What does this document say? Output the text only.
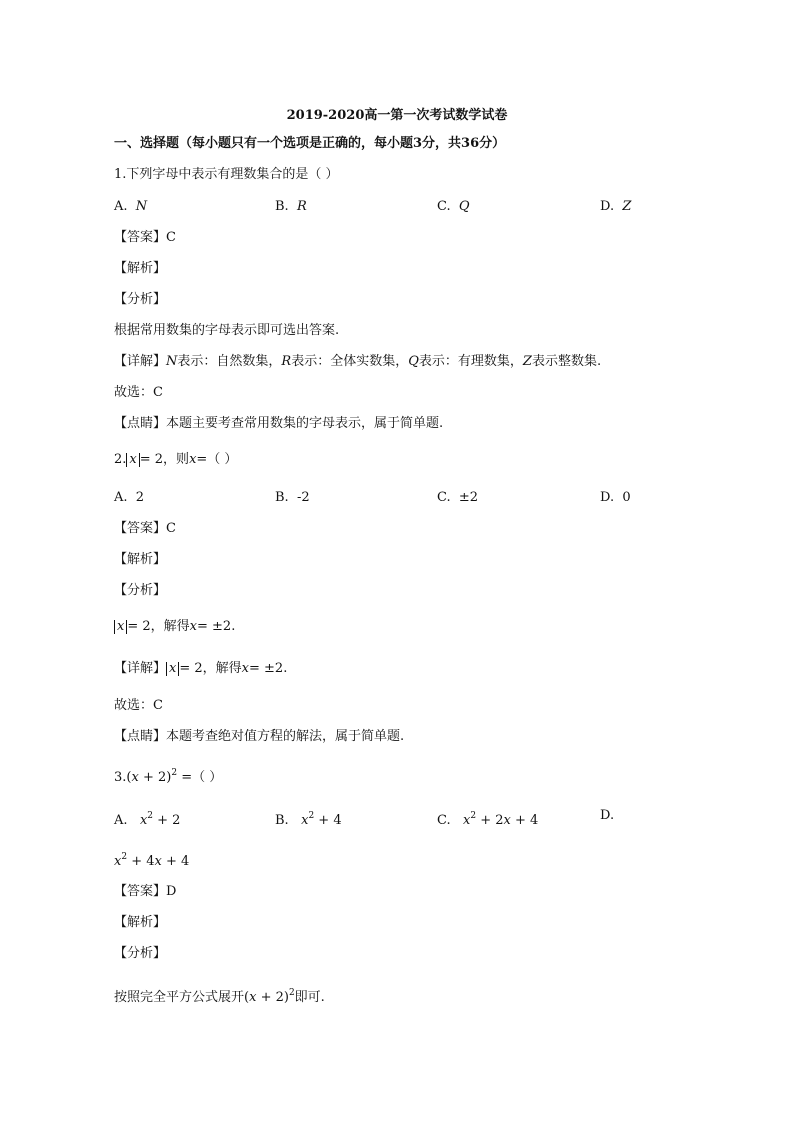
2019-2020高一第一次考试数学试卷
一、选择题（每小题只有一个选项是正确的，每小题3分，共36分）
1.下列字母中表示有理数集合的是（ ）
A. N	B. R	C. Q	D. Z
【答案】C
【解析】
【分析】
根据常用数集的字母表示即可选出答案.
【详解】N表示：自然数集，R表示：全体实数集，Q表示：有理数集，Z表示整数集.
故选：C
【点睛】本题主要考查常用数集的字母表示，属于简单题.
2. x = 2，则x=（ ）
A. 2	B. -2	C. ±2	D. 0
【答案】C
【解析】
【分析】
x = 2，解得x= ±2.
【详解】 x = 2，解得x= ±2.
故选：C
【点睛】本题考查绝对值方程的解法，属于简单题.
$3.(x + 2)^2$ =（ ）
A. $x^2 + 2$	B. $x^2 + 4$	C. $x^2 + 2x + 4$	D.
$x^2 + 4x + 4$
【答案】D
【解析】
【分析】
按照完全平方公式展开$(x + 2)^2$即可.
